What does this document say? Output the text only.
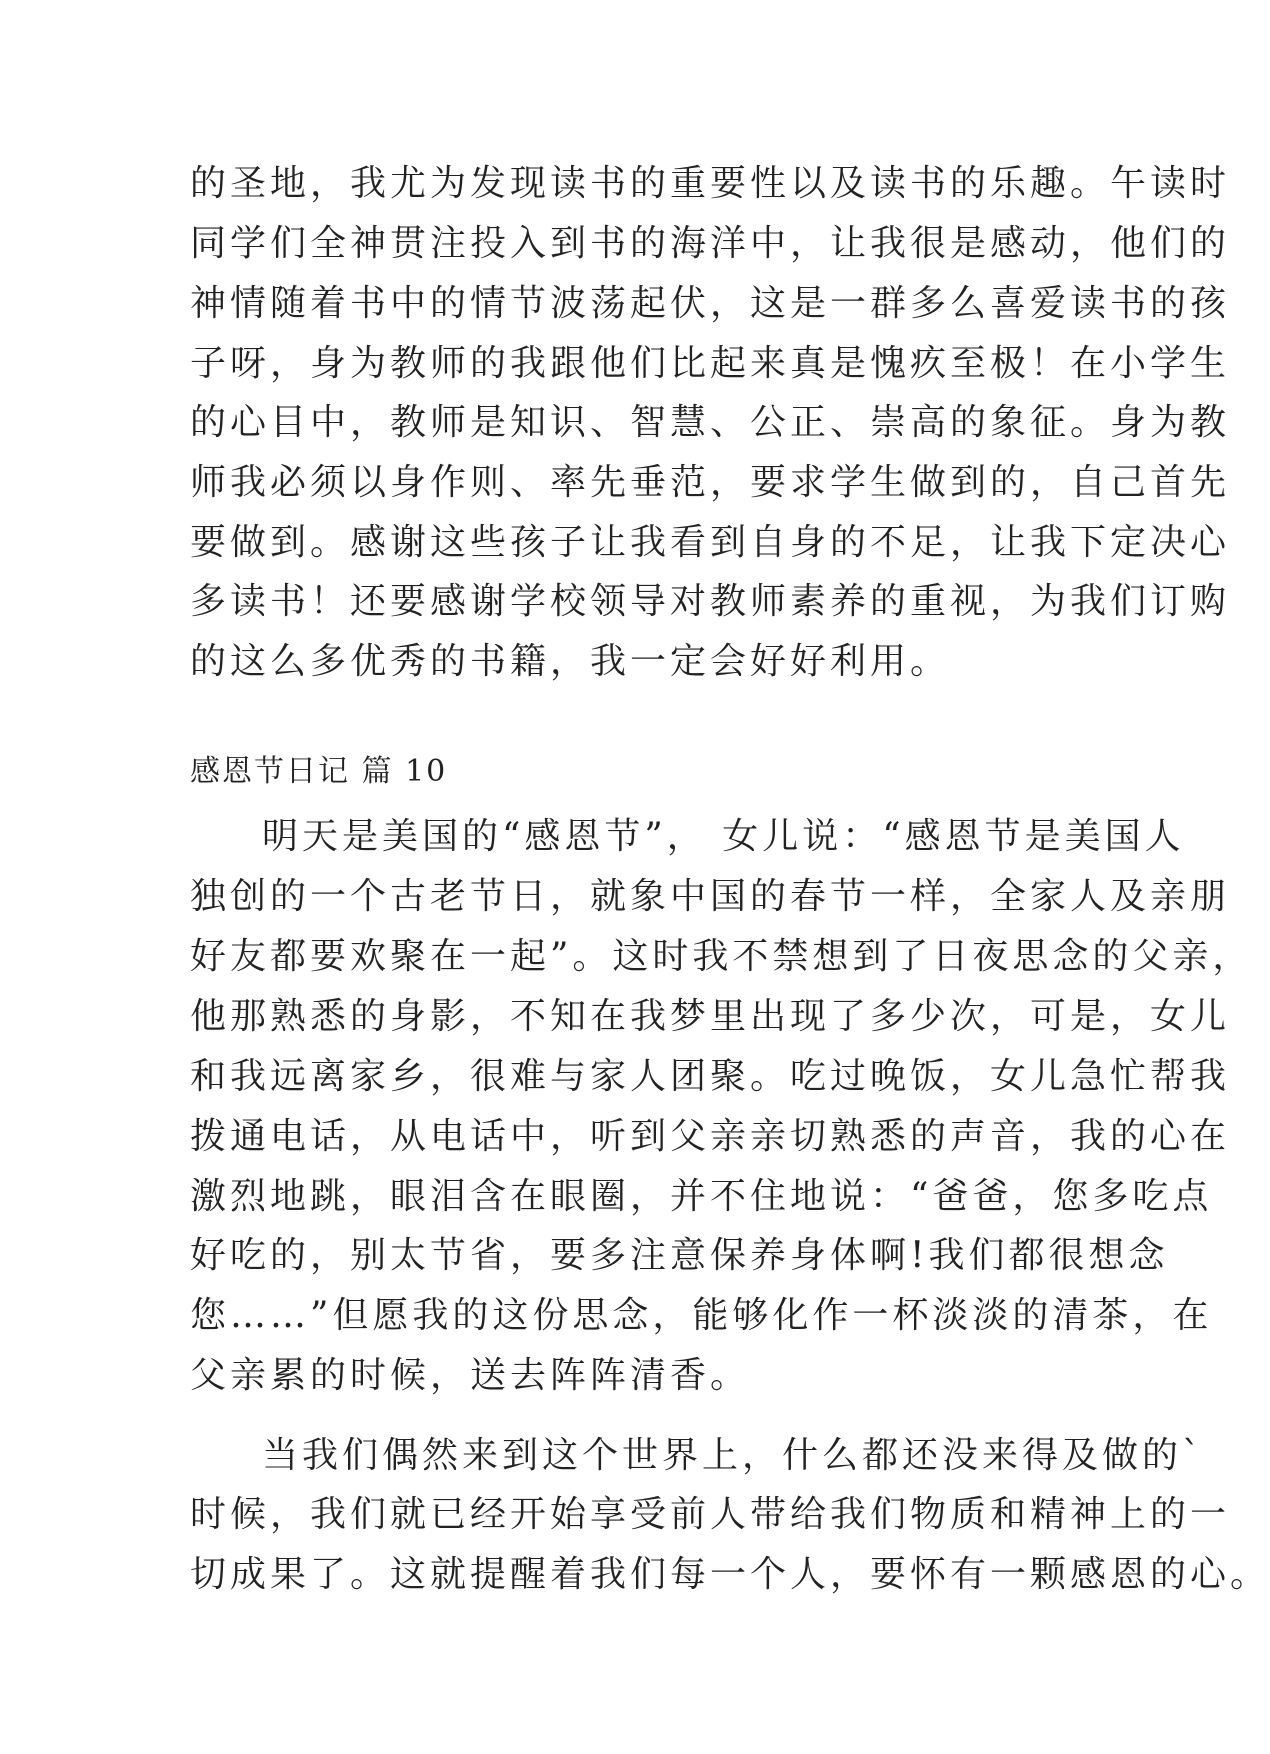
的圣地，我尤为发现读书的重要性以及读书的乐趣。午读时
同学们全神贯注投入到书的海洋中，让我很是感动，他们的
神情随着书中的情节波荡起伏，这是一群多么喜爱读书的孩
子呀，身为教师的我跟他们比起来真是愧疚至极！在小学生
的心目中，教师是知识、智慧、公正、崇高的象征。身为教
师我必须以身作则、率先垂范，要求学生做到的，自己首先
要做到。感谢这些孩子让我看到自身的不足，让我下定决心
多读书！还要感谢学校领导对教师素养的重视，为我们订购
的这么多优秀的书籍，我一定会好好利用。
感恩节日记 篇 10
明天是美国的“感恩节”， 女儿说：“感恩节是美国人
独创的一个古老节日，就象中国的春节一样，全家人及亲朋
好友都要欢聚在一起”。这时我不禁想到了日夜思念的父亲，
他那熟悉的身影，不知在我梦里出现了多少次，可是，女儿
和我远离家乡，很难与家人团聚。吃过晚饭，女儿急忙帮我
拨通电话，从电话中，听到父亲亲切熟悉的声音，我的心在
激烈地跳，眼泪含在眼圈，并不住地说：“爸爸，您多吃点
好吃的，别太节省，要多注意保养身体啊!我们都很想念
您……”但愿我的这份思念，能够化作一杯淡淡的清茶，在
父亲累的时候，送去阵阵清香。
当我们偶然来到这个世界上，什么都还没来得及做的`
时候，我们就已经开始享受前人带给我们物质和精神上的一
切成果了。这就提醒着我们每一个人，要怀有一颗感恩的心。
